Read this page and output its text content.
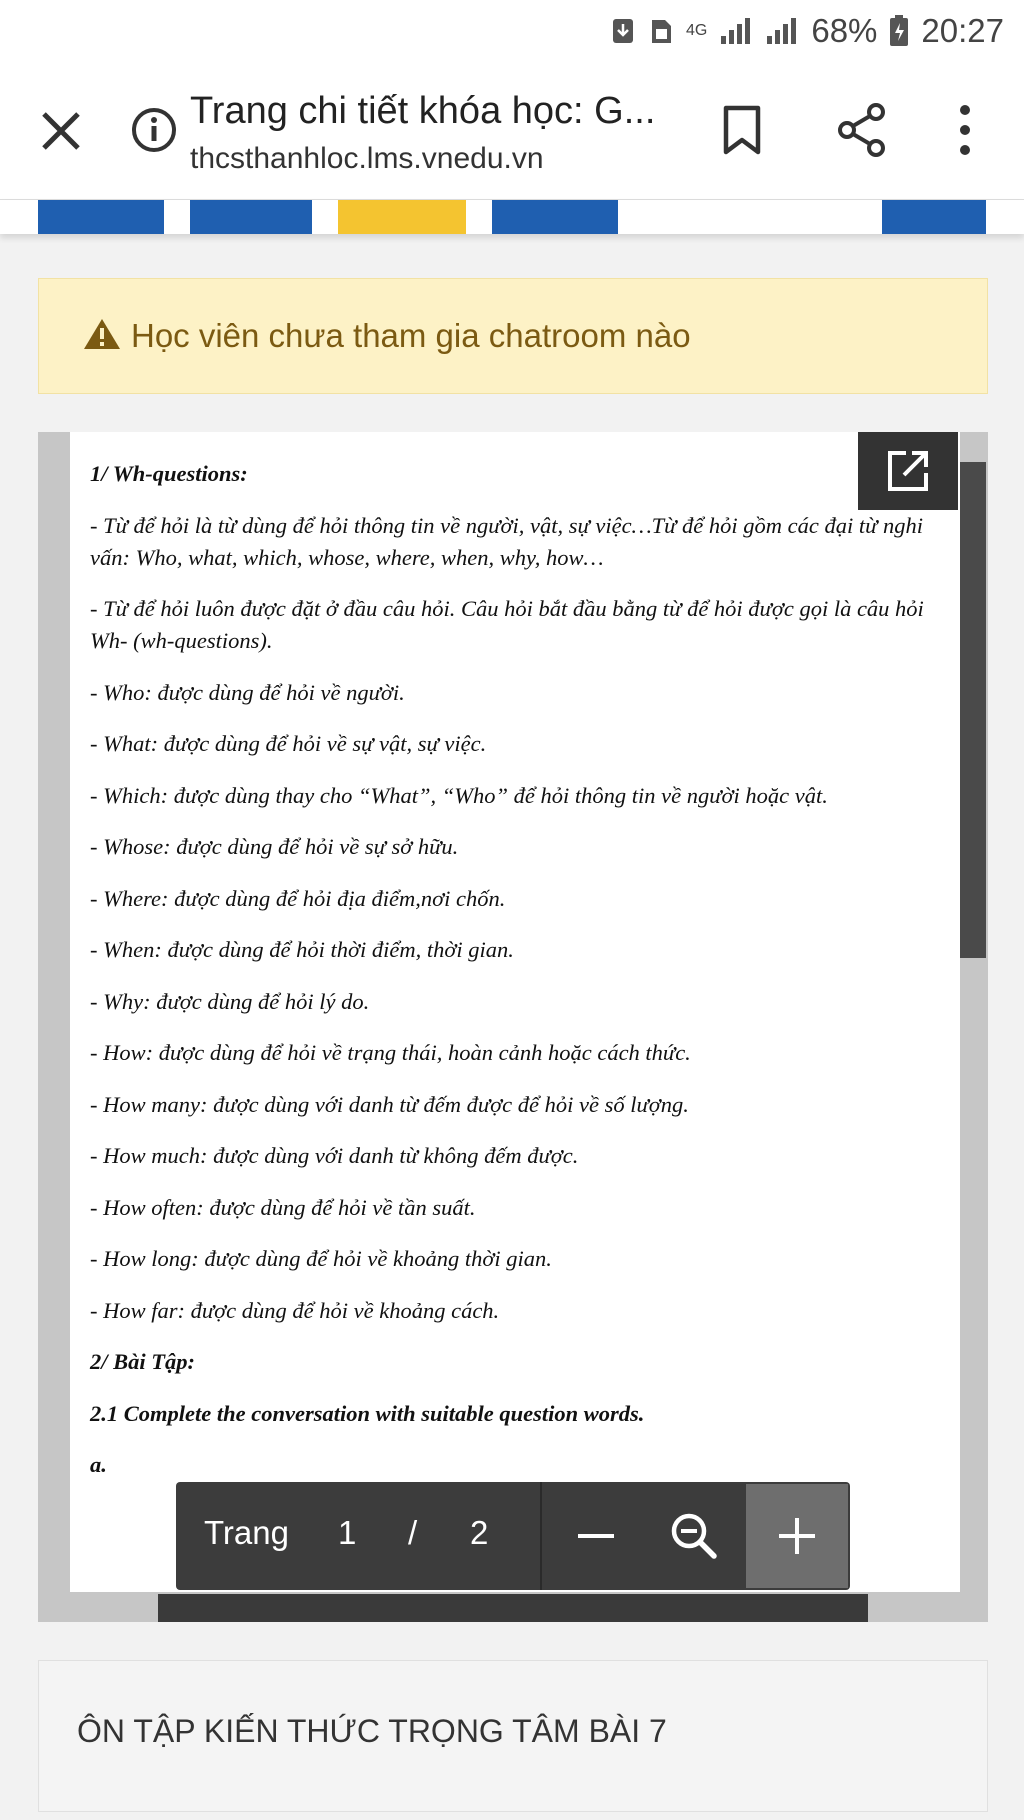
4G	68% 20:27
Trang chi tiết khóa học: G...
thcsthanhloc.lms.vnedu.vn
Học viên chưa tham gia chatroom nào

1/ Wh-questions:

- Từ để hỏi là từ dùng để hỏi thông tin về người, vật, sự việc…Từ để hỏi gồm các đại từ nghi vấn: Who, what, which, whose, where, when, why, how…

- Từ để hỏi luôn được đặt ở đầu câu hỏi. Câu hỏi bắt đầu bằng từ để hỏi được gọi là câu hỏi Wh- (wh-questions).

- Who: được dùng để hỏi về người.

- What: được dùng để hỏi về sự vật, sự việc.

- Which: được dùng thay cho “What”, “Who” để hỏi thông tin về người hoặc vật.

- Whose: được dùng để hỏi về sự sở hữu.

- Where: được dùng để hỏi địa điểm,nơi chốn.

- When: được dùng để hỏi thời điểm, thời gian.

- Why: được dùng để hỏi lý do.

- How: được dùng để hỏi về trạng thái, hoàn cảnh hoặc cách thức.

- How many: được dùng với danh từ đếm được để hỏi về số lượng.

- How much: được dùng với danh từ không đếm được.

- How often: được dùng để hỏi về tần suất.

- How long: được dùng để hỏi về khoảng thời gian.

- How far: được dùng để hỏi về khoảng cách.

2/ Bài Tập:

2.1 Complete the conversation with suitable question words.

a.

Trang 1 / 2
ÔN TẬP KIẾN THỨC TRỌNG TÂM BÀI 7
